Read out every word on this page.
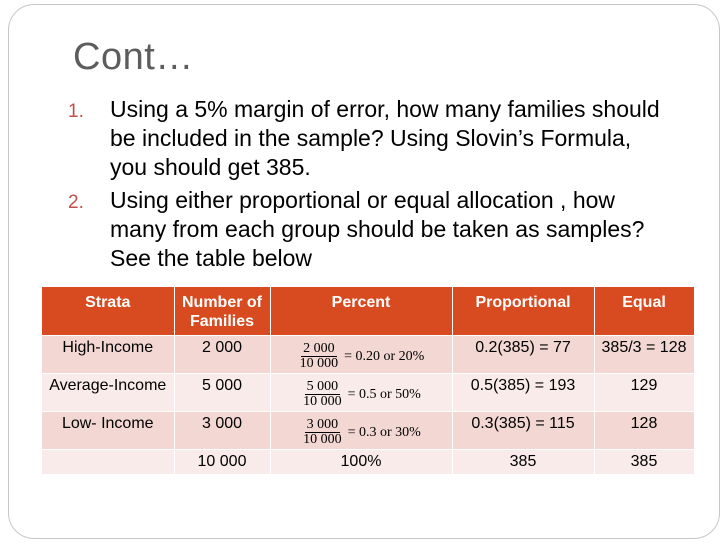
Cont…
1. Using a 5% margin of error, how many families should be included in the sample? Using Slovin’s Formula, you should get 385.
2. Using either proportional or equal allocation , how many from each group should be taken as samples? See the table below
Strata	Number of Families	Percent	Proportional	Equal
High-Income	2 000	$\frac{2 000}{10 000} = 0.20$ or 20%	0.2(385) = 77	385/3 = 128
Average-Income	5 000	$\frac{5 000}{10 000} = 0.5$ or 50%	0.5(385) = 193	129
Low- Income	3 000	$\frac{3 000}{10 000} = 0.3$ or 30%	0.3(385) = 115	128
	10 000	100%	385	385
